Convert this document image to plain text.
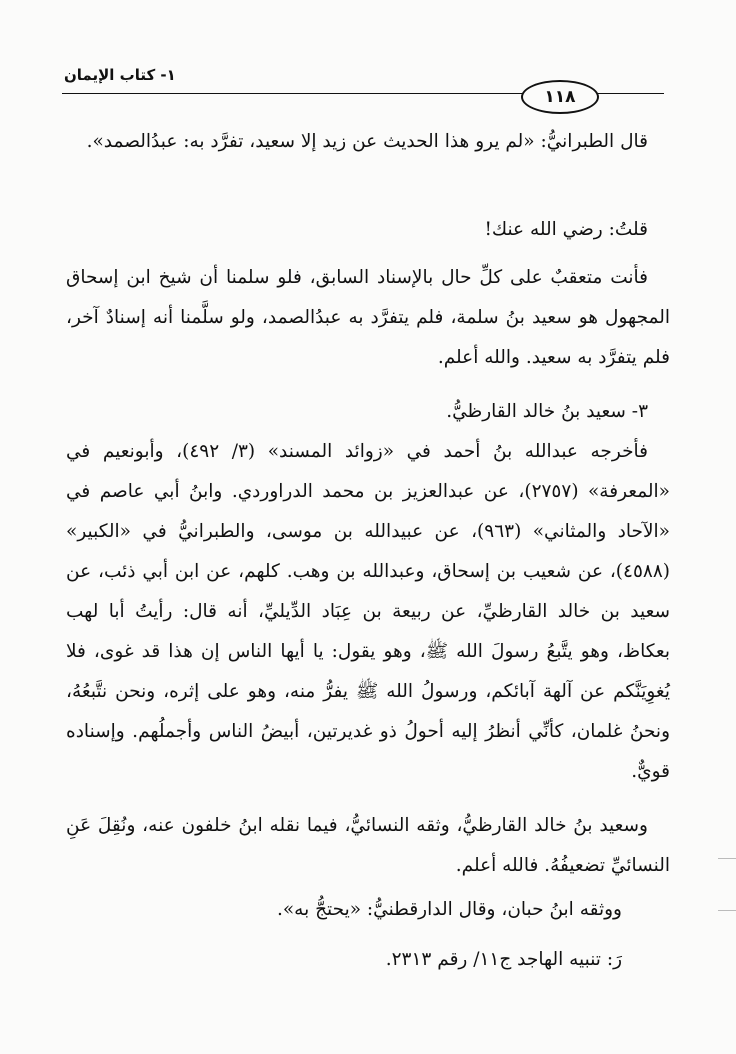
١- كتاب الإيمان
١١٨

قال الطبرانيُّ: «لم يرو هذا الحديث عن زيد إلا سعيد، تفرَّد به: عبدُالصمد».

قلتُ: رضي الله عنك!

فأنت متعقبٌ على كلِّ حال بالإسناد السابق، فلو سلمنا أن شيخ ابن إسحاق المجهول هو سعيد بنُ سلمة، فلم يتفرَّد به عبدُالصمد، ولو سلَّمنا أنه إسنادٌ آخر، فلم يتفرَّد به سعيد. والله أعلم.

٣- سعيد بنُ خالد القارظيُّ.

فأخرجه عبدالله بنُ أحمد في «زوائد المسند» (٣/ ٤٩٢)، وأبونعيم في «المعرفة» (٢٧٥٧)، عن عبدالعزيز بن محمد الدراوردي. وابنُ أبي عاصم في «الآحاد والمثاني» (٩٦٣)، عن عبيدالله بن موسى، والطبرانيُّ في «الكبير» (٤٥٨٨)، عن شعيب بن إسحاق، وعبدالله بن وهب. كلهم، عن ابن أبي ذئب، عن سعيد بن خالد القارظيِّ، عن ربيعة بن عِبَاد الدِّيليِّ، أنه قال: رأيتُ أبا لهب بعكاظ، وهو يتَّبعُ رسولَ الله ﷺ، وهو يقول: يا أيها الناس إن هذا قد غوى، فلا يُغوِيَنَّكم عن آلهة آبائكم، ورسولُ الله ﷺ يفرُّ منه، وهو على إثره، ونحن نتَّبعُهُ، ونحنُ غلمان، كأنِّي أنظرُ إليه أحولُ ذو غديرتين، أبيضُ الناس وأجملُهم. وإسناده قويٌّ.

وسعيد بنُ خالد القارظيُّ، وثقه النسائيُّ، فيما نقله ابنُ خلفون عنه، ونُقِلَ عَنِ النسائيِّ تضعيفُهُ. فالله أعلم.

ووثقه ابنُ حبان، وقال الدارقطنيُّ: «يحتجُّ به».

رَ: تنبيه الهاجد ج١١/ رقم ٢٣١٣.
